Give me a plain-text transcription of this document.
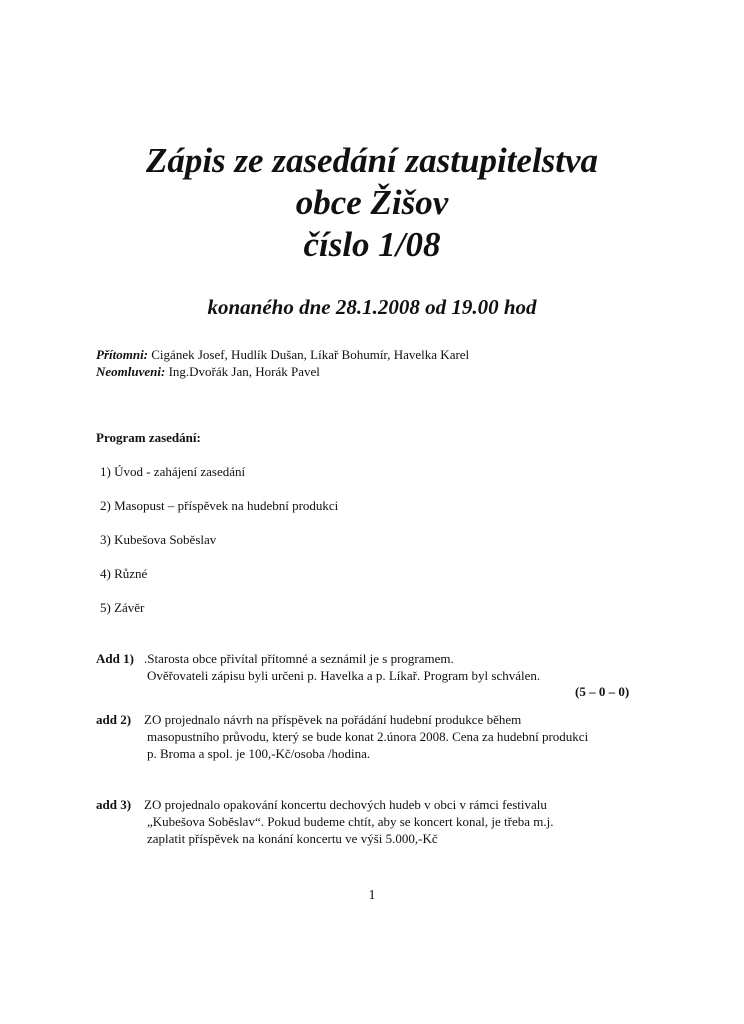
Zápis ze zasedání zastupitelstva
obce Žišov
číslo 1/08
konaného dne 28.1.2008 od 19.00 hod
Přítomni: Cigánek Josef, Hudlík Dušan, Líkař Bohumír, Havelka Karel
Neomluveni: Ing.Dvořák Jan, Horák Pavel
Program zasedání:
1) Úvod - zahájení zasedání
2) Masopust – příspěvek na hudební produkci
3) Kubešova Soběslav
4) Různé
5) Závěr
Add 1) .Starosta obce přivítal přítomné a seznámil je s programem.
Ověřovateli zápisu byli určeni p. Havelka a p. Líkař. Program byl schválen.
(5 – 0 – 0)
add 2) ZO projednalo návrh na příspěvek na pořádání hudební produkce během
masopustního průvodu, který se bude konat 2.února 2008. Cena za hudební produkci
p. Broma a spol. je 100,-Kč/osoba /hodina.
add 3) ZO projednalo opakování koncertu dechových hudeb v obci v rámci festivalu
„Kubešova Soběslav“. Pokud budeme chtít, aby se koncert konal, je třeba m.j.
zaplatit příspěvek na konání koncertu ve výši 5.000,-Kč
1
